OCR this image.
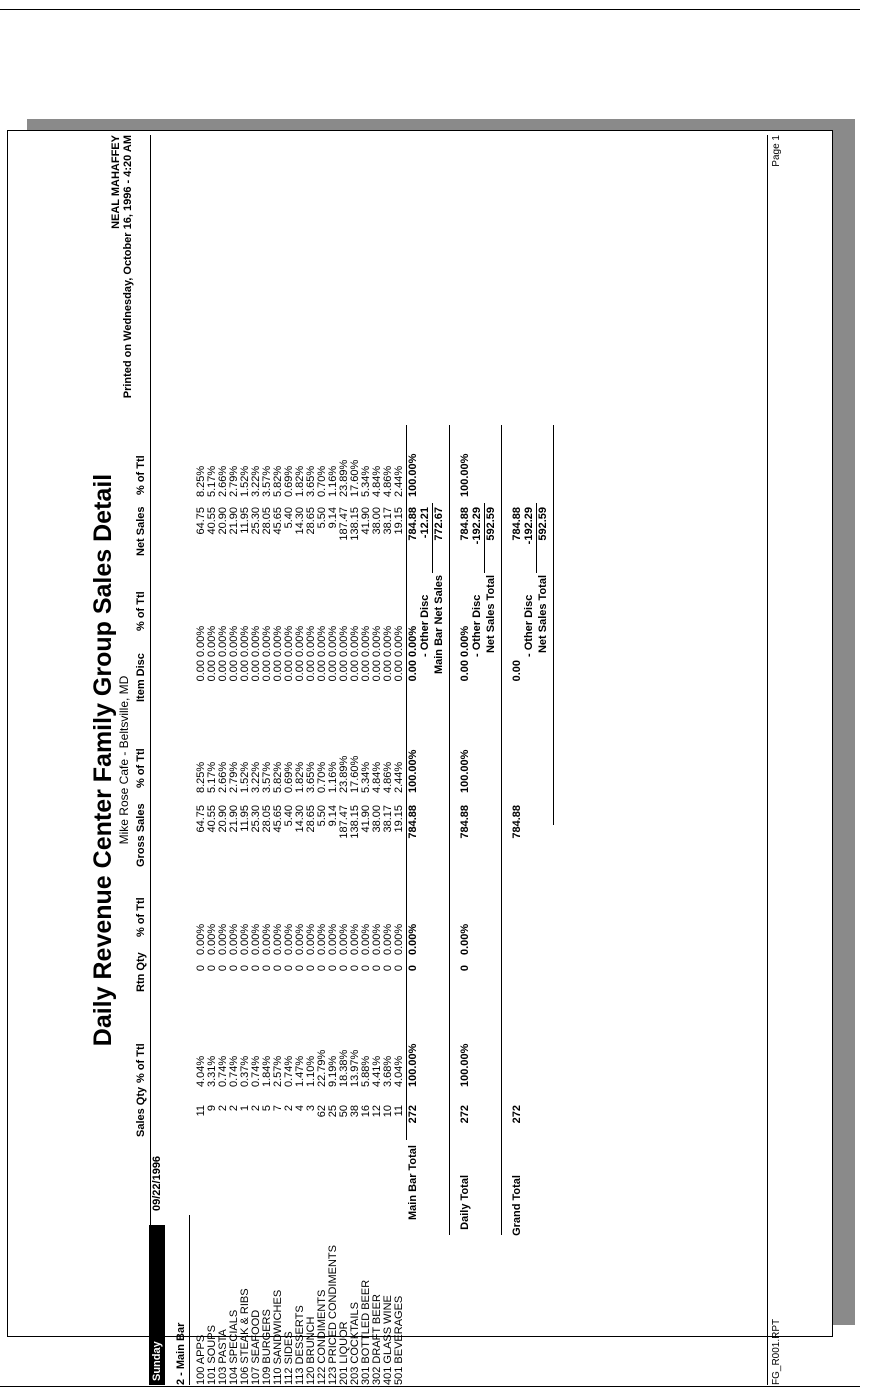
Daily Revenue Center Family Group Sales Detail Mike Rose Cafe - Beltsville, MD
NEAL MAHAFFEY Printed on Wednesday, October 16, 1996 - 4:20 AM
Sales Qty
% of Ttl
Rtn Qty
% of Ttl
Gross Sales
% of Ttl
Item Disc
% of Ttl
Net Sales
% of Ttl
Sunday
09/22/1996
2 - Main Bar 100 APPS
11
4.04%
0
0.00%
64.75
8.25%
0.00
0.00%
64.75
8.25%
101 SOUPS
9
3.31%
0
0.00%
40.55
5.17%
0.00
0.00%
40.55
5.17%
103 PASTA
2
0.74%
0
0.00%
20.90
2.66%
0.00
0.00%
20.90
2.66%
104 SPECIALS
2
0.74%
0
0.00%
21.90
2.79%
0.00
0.00%
21.90
2.79%
106 STEAK & RIBS
1
0.37%
0
0.00%
11.95
1.52%
0.00
0.00%
11.95
1.52%
107 SEAFOOD
2
0.74%
0
0.00%
25.30
3.22%
0.00
0.00%
25.30
3.22%
109 BURGERS
5
1.84%
0
0.00%
28.05
3.57%
0.00
0.00%
28.05
3.57%
110 SANDWICHES
7
2.57%
0
0.00%
45.65
5.82%
0.00
0.00%
45.65
5.82%
112 SIDES
2
0.74%
0
0.00%
5.40
0.69%
0.00
0.00%
5.40
0.69%
113 DESSERTS
4
1.47%
0
0.00%
14.30
1.82%
0.00
0.00%
14.30
1.82%
120 BRUNCH
3
1.10%
0
0.00%
28.65
3.65%
0.00
0.00%
28.65
3.65%
122 CONDIMENTS
62
22.79%
0
0.00%
5.50
0.70%
0.00
0.00%
5.50
0.70%
123 PRICED CONDIMENTS
25
9.19%
0
0.00%
9.14
1.16%
0.00
0.00%
9.14
1.16%
201 LIQUOR
50
18.38%
0
0.00%
187.47
23.89%
0.00
0.00%
187.47
23.89%
203 COCKTAILS
38
13.97%
0
0.00%
138.15
17.60%
0.00
0.00%
138.15
17.60%
301 BOTTLED BEER
16
5.88%
0
0.00%
41.90
5.34%
0.00
0.00%
41.90
5.34%
302 DRAFT BEER
12
4.41%
0
0.00%
38.00
4.84%
0.00
0.00%
38.00
4.84%
401 GLASS WINE
10
3.68%
0
0.00%
38.17
4.86%
0.00
0.00%
38.17
4.86%
501 BEVERAGES
11
4.04%
0
0.00%
19.15
2.44%
0.00
0.00%
19.15
2.44%
Main Bar Total
272
100.00%
0
0.00%
784.88
100.00%
0.00
0.00%
784.88
100.00%
- Other Disc
-12.21
Main Bar Net Sales
772.67
Daily Total
272
100.00%
0
0.00%
784.88
100.00%
0.00
0.00%
784.88
100.00%
- Other Disc
-192.29
Net Sales Total
592.59
Grand Total
272
784.88
0.00
784.88
- Other Disc
-192.29
Net Sales Total
592.59
FG_R001.RPT
Page 1
